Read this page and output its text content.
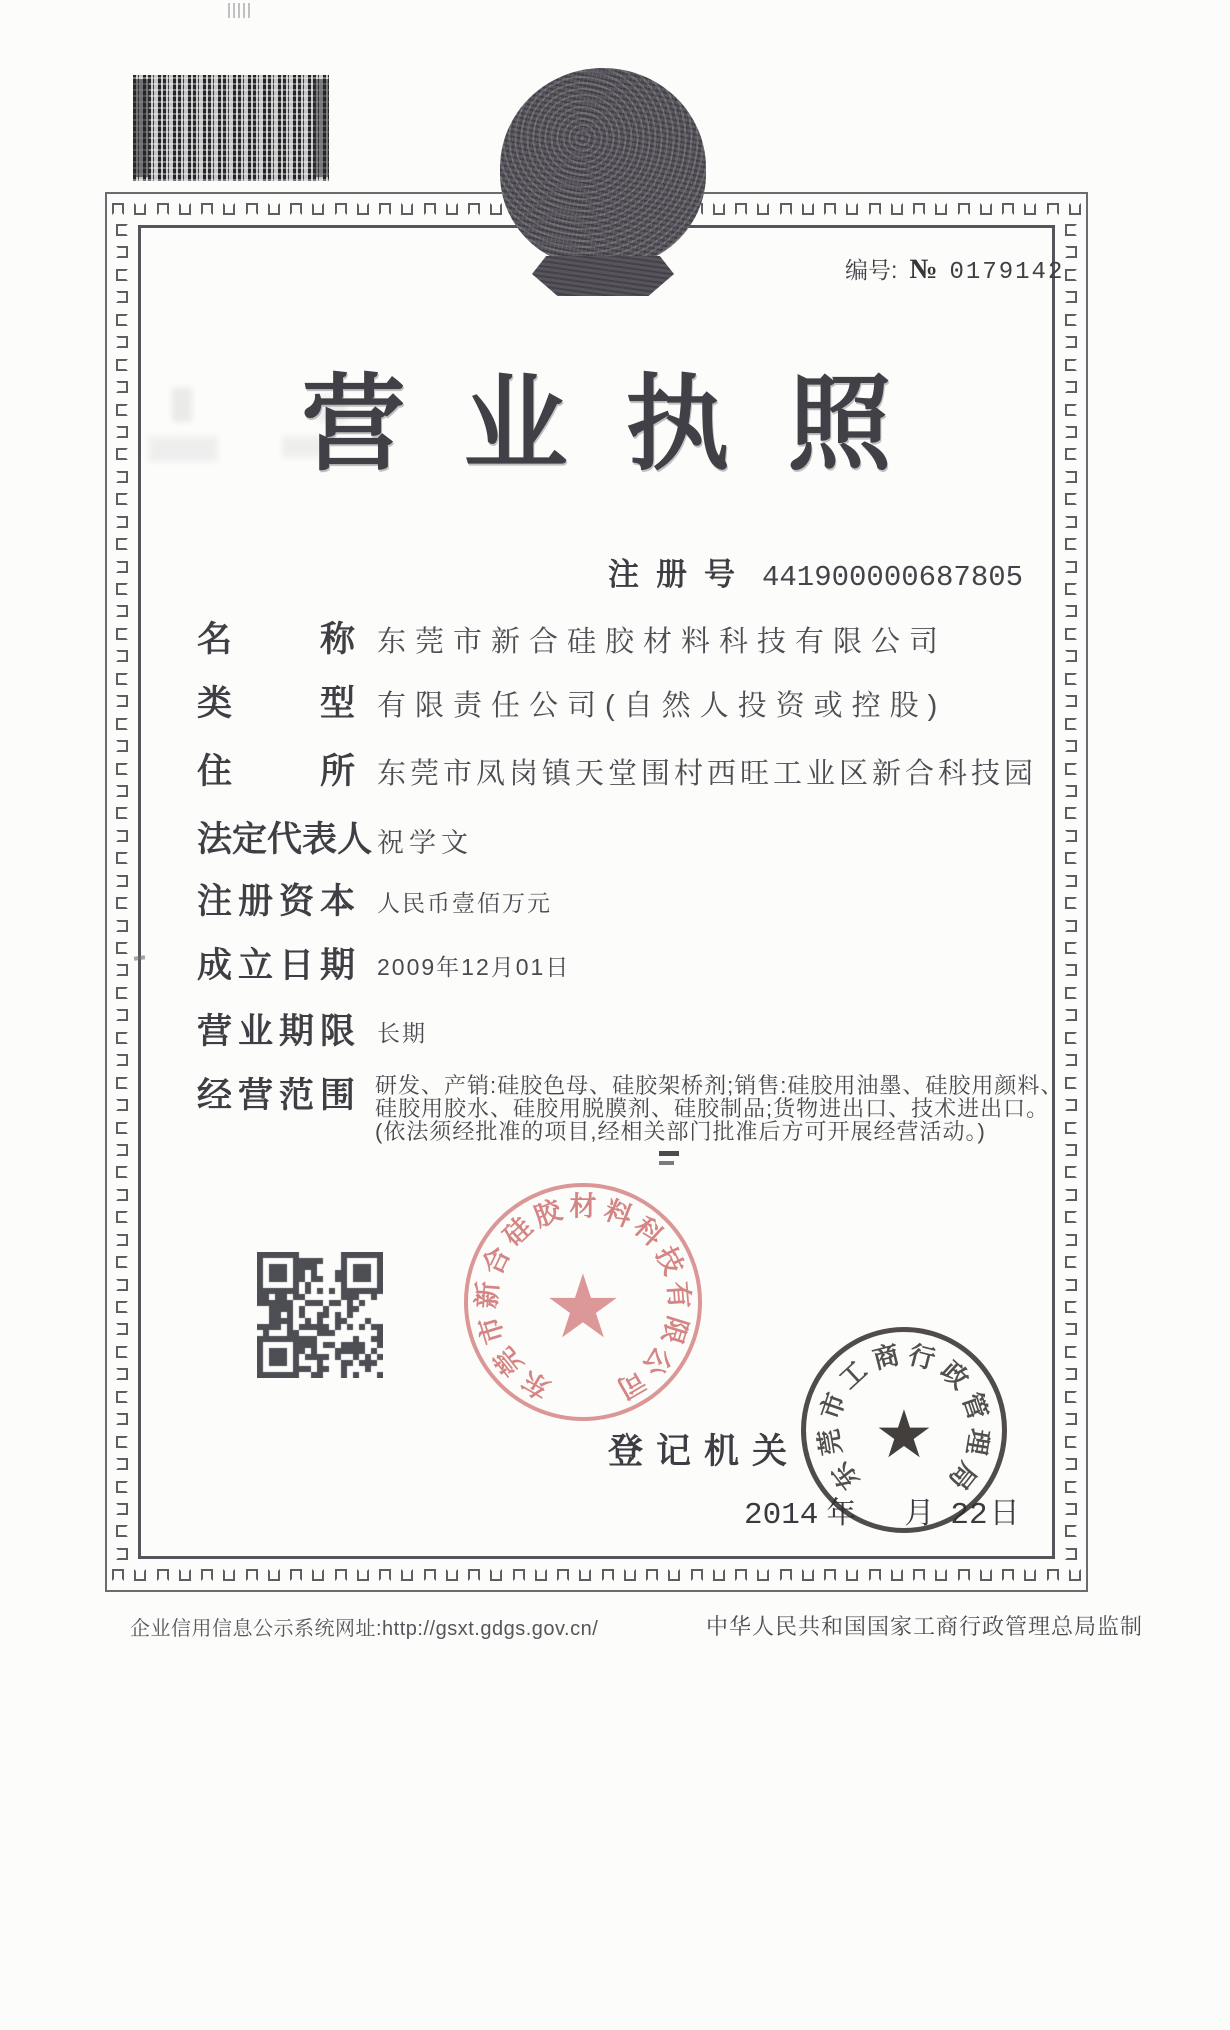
编号: № 0179142
营业执照
注册号 441900000687805
名	称 东莞市新合硅胶材料科技有限公司
类	型 有限责任公司(自然人投资或控股)
住	所 东莞市凤岗镇天堂围村西旺工业区新合科技园
法 定 代 表 人 祝学文
注 册 资 本 人民币壹佰万元
成 立 日 期 2009年12月01日
营 业 期 限 长期
经 营 范 围 研发、产销:硅胶色母、硅胶架桥剂;销售:硅胶用油墨、硅胶用颜料、硅胶用胶水、硅胶用脱膜剂、硅胶制品;货物进出口、技术进出口。(依法须经批准的项目,经相关部门批准后方可开展经营活动。)
★
东
莞
市
新
合
硅
胶 材 料
科
技
有
限
公
司
登记机关
2014 年 月 22 日
★
东
莞
市
工
商 行
政
管
理
局
企业信用信息公示系统网址:http://gsxt.gdgs.gov.cn/	中华人民共和国国家工商行政管理总局监制
